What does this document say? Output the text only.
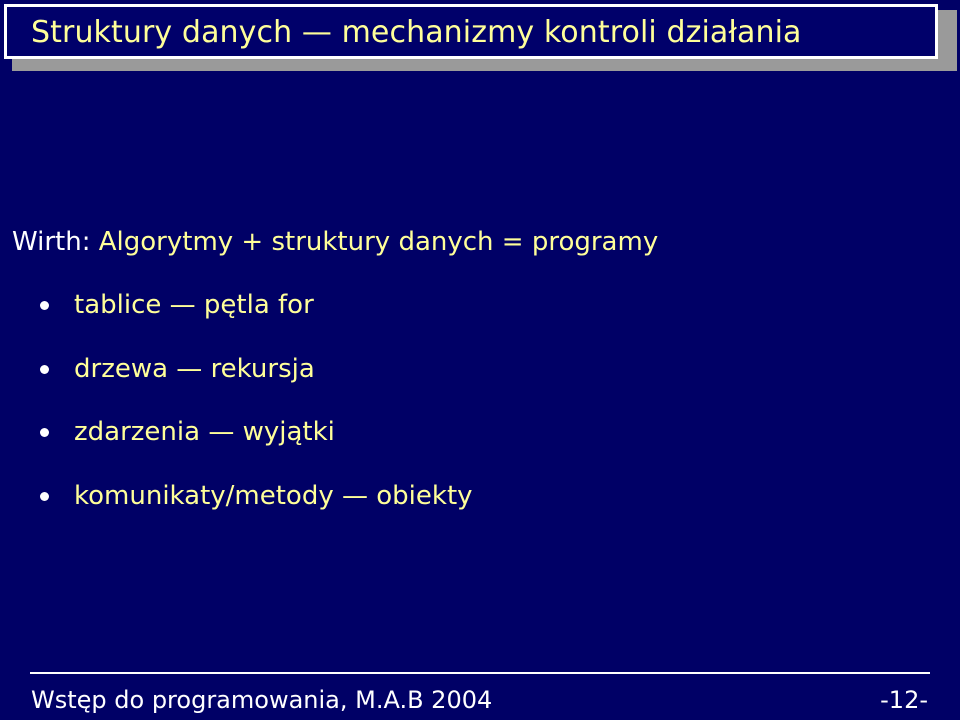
Struktury danych — mechanizmy kontroli działania
Wirth: Algorytmy + struktury danych = programy
tablice — pętla for
drzewa — rekursja
zdarzenia — wyjątki
komunikaty/metody — obiekty
Wstęp do programowania, M.A.B 2004	-12-
